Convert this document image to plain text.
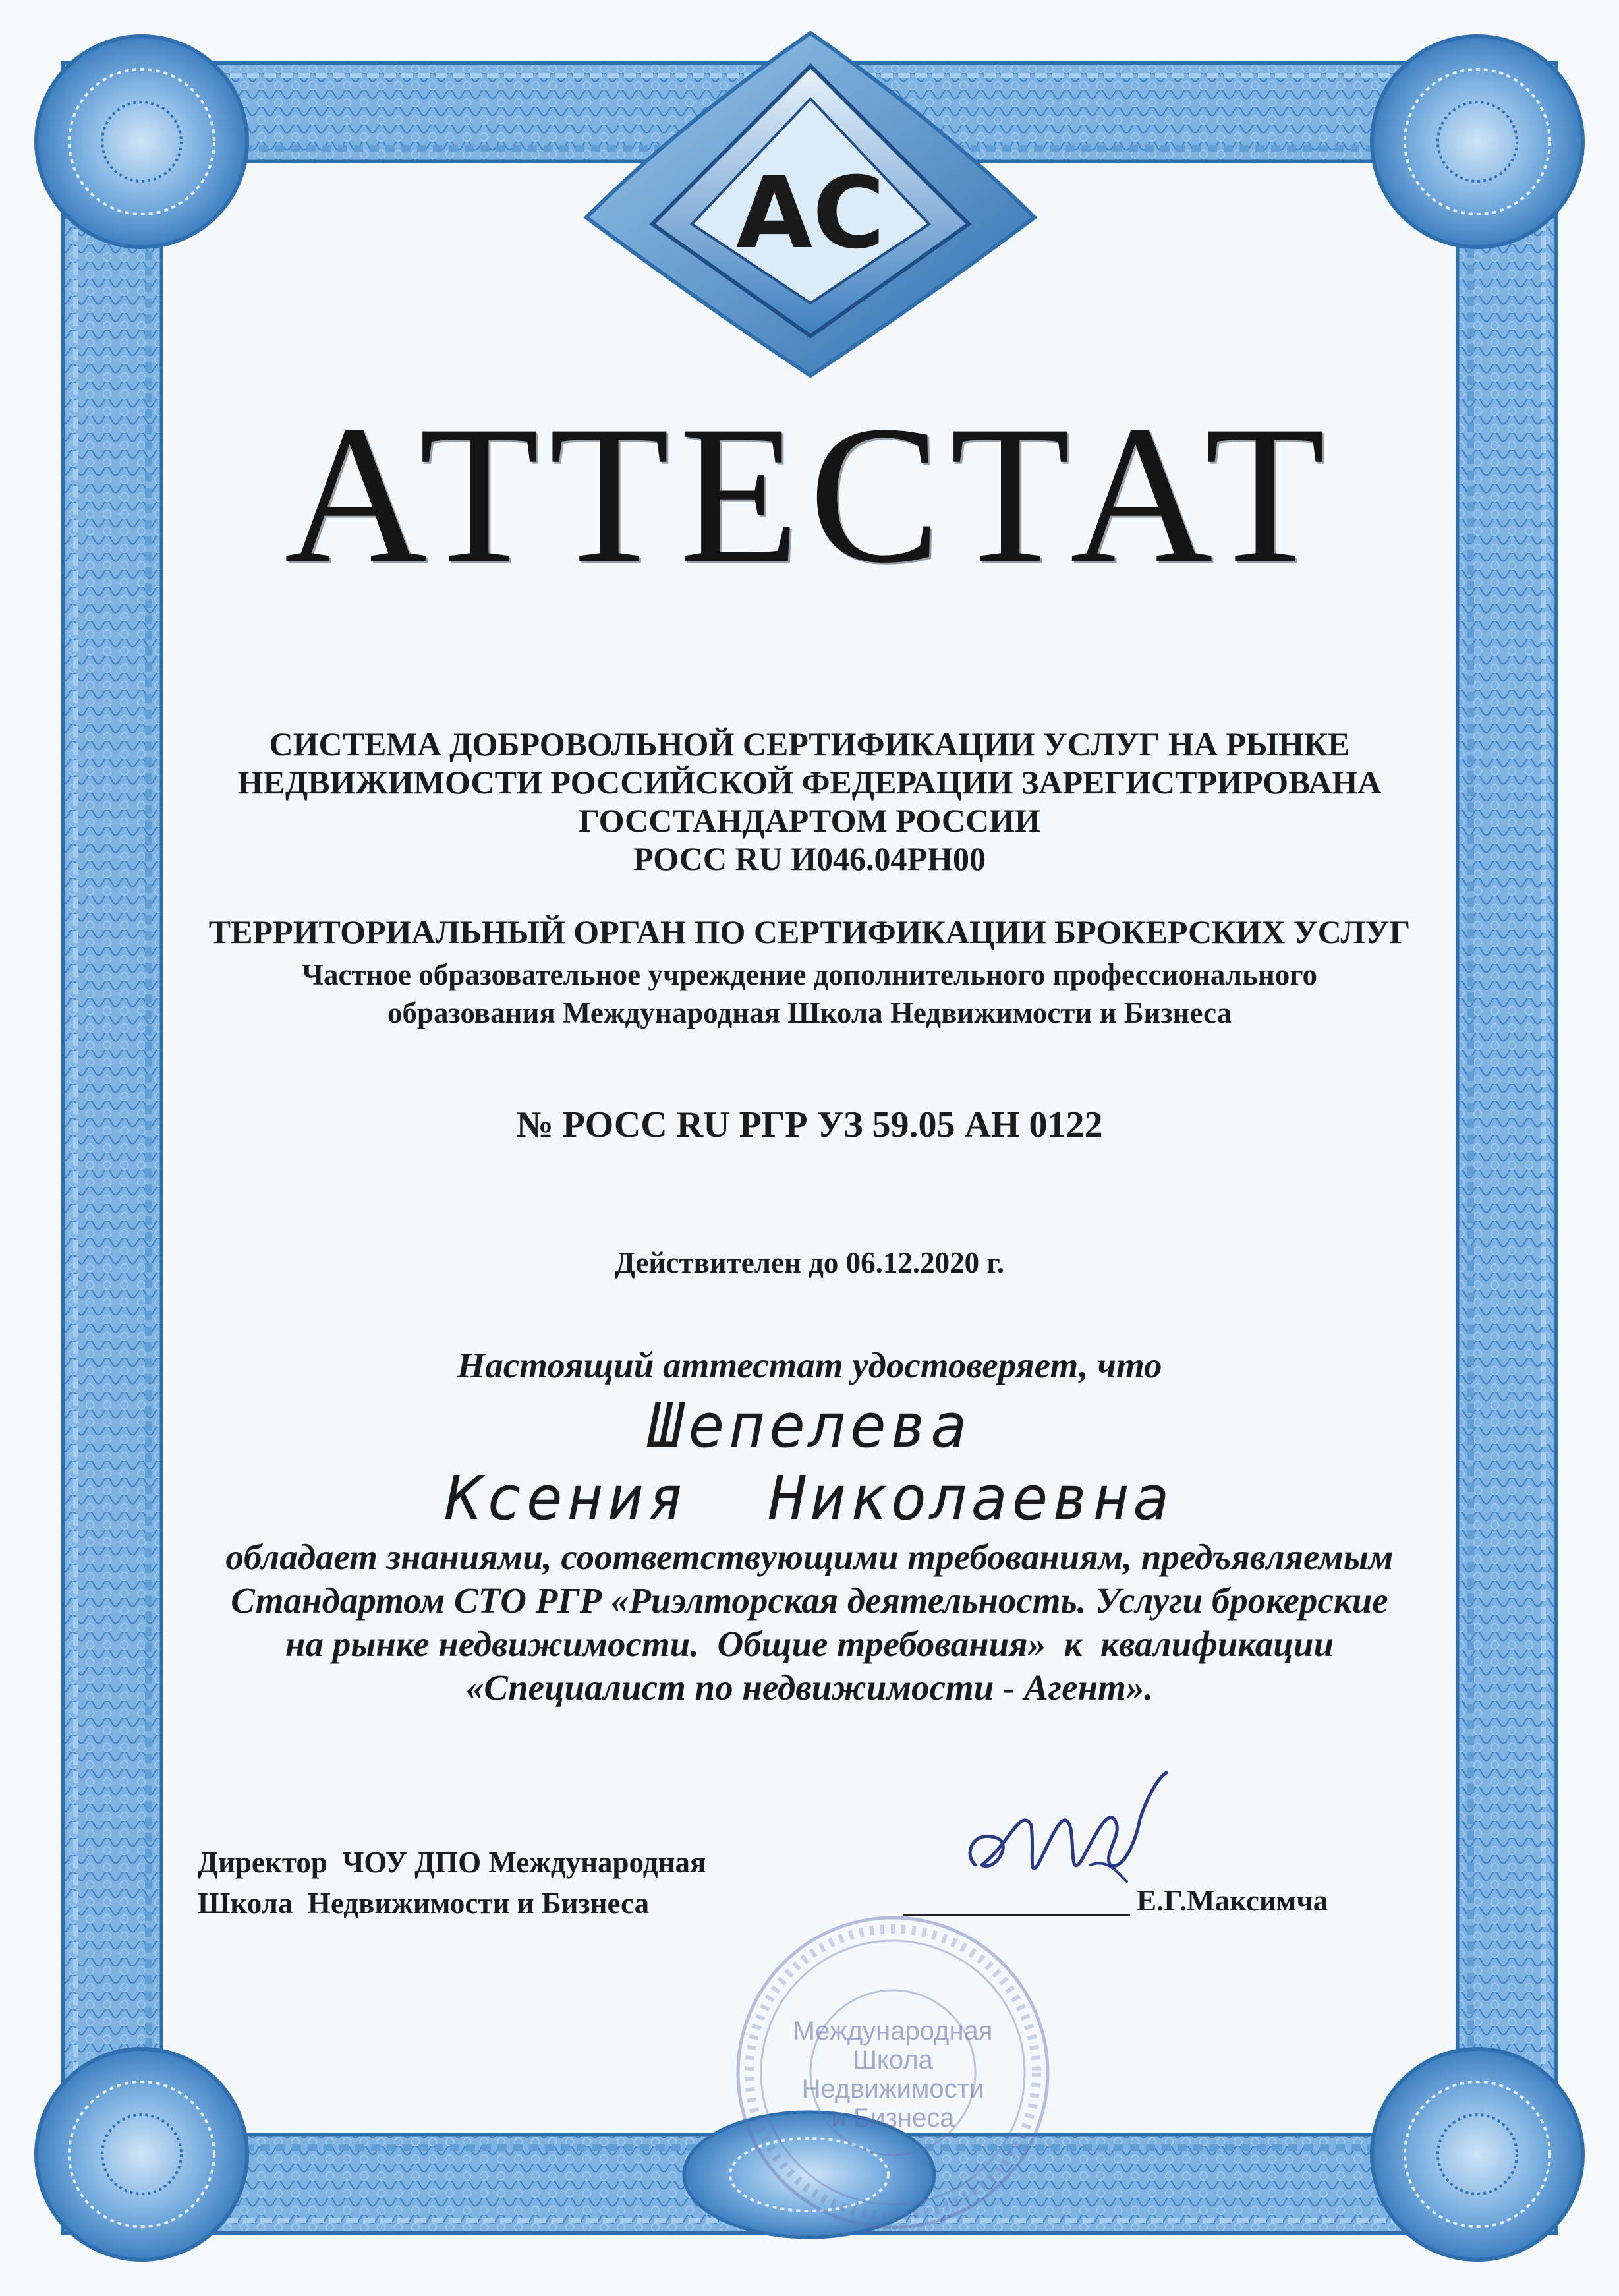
АС
АТТЕСТАТ
СИСТЕМА ДОБРОВОЛЬНОЙ СЕРТИФИКАЦИИ УСЛУГ НА РЫНКЕ
НЕДВИЖИМОСТИ РОССИЙСКОЙ ФЕДЕРАЦИИ ЗАРЕГИСТРИРОВАНА
ГОССТАНДАРТОМ РОССИИ
РОСС RU И046.04РН00
ТЕРРИТОРИАЛЬНЫЙ ОРГАН ПО СЕРТИФИКАЦИИ БРОКЕРСКИХ УСЛУГ
Частное образовательное учреждение дополнительного профессионального
образования Международная Школа Недвижимости и Бизнеса
№ РОСС RU РГР УЗ 59.05 АН 0122
Действителен до 06.12.2020 г.
Настоящий аттестат удостоверяет, что
Шепелева
Ксения  Николаевна
обладает знаниями, соответствующими требованиям, предъявляемым
Стандартом СТО РГР «Риэлторская деятельность. Услуги брокерские
на рынке недвижимости.  Общие требования»  к  квалификации
«Специалист по недвижимости - Агент».
Директор  ЧОУ ДПО Международная
Школа  Недвижимости и Бизнеса
Международная
Школа
Недвижимости
и Бизнеса
Е.Г.Максимча
